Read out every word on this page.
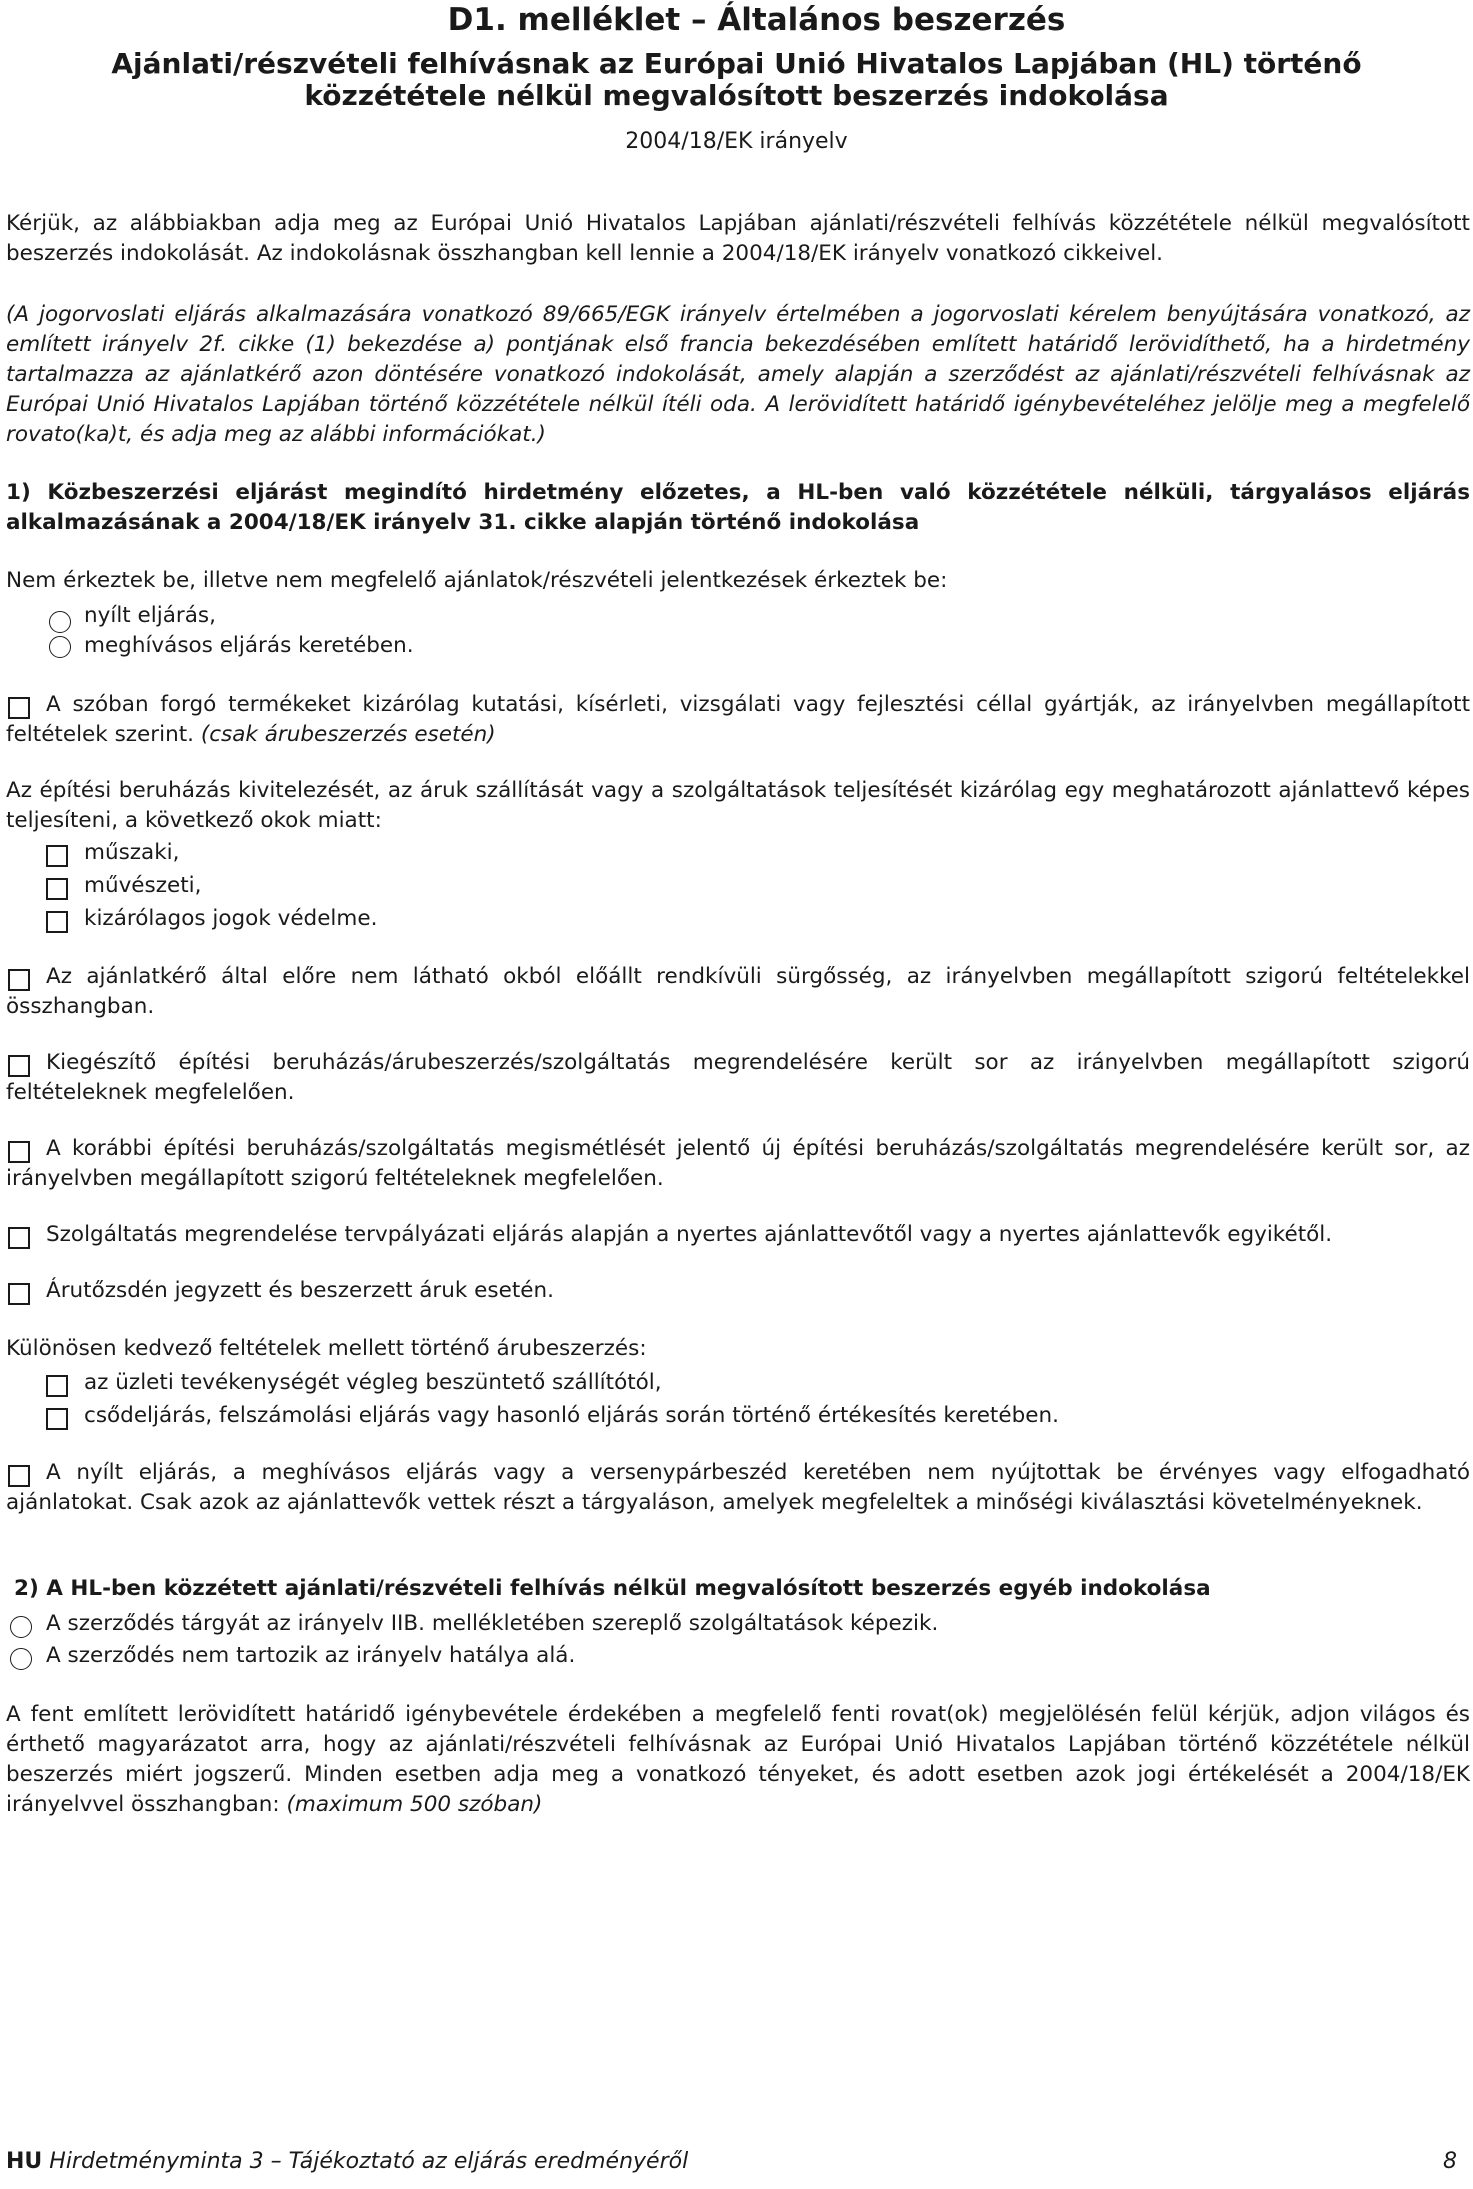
D1. melléklet – Általános beszerzés
Ajánlati/részvételi felhívásnak az Európai Unió Hivatalos Lapjában (HL) történő közzététele nélkül megvalósított beszerzés indokolása
2004/18/EK irányelv
Kérjük, az alábbiakban adja meg az Európai Unió Hivatalos Lapjában ajánlati/részvételi felhívás közzététele nélkül megvalósított beszerzés indokolását. Az indokolásnak összhangban kell lennie a 2004/18/EK irányelv vonatkozó cikkeivel.
(A jogorvoslati eljárás alkalmazására vonatkozó 89/665/EGK irányelv értelmében a jogorvoslati kérelem benyújtására vonatkozó, az említett irányelv 2f. cikke (1) bekezdése a) pontjának első francia bekezdésében említett határidő lerövidíthető, ha a hirdetmény tartalmazza az ajánlatkérő azon döntésére vonatkozó indokolását, amely alapján a szerződést az ajánlati/részvételi felhívásnak az Európai Unió Hivatalos Lapjában történő közzététele nélkül ítéli oda. A lerövidített határidő igénybevételéhez jelölje meg a megfelelő rovato(ka)t, és adja meg az alábbi információkat.)
1) Közbeszerzési eljárást megindító hirdetmény előzetes, a HL-ben való közzététele nélküli, tárgyalásos eljárás alkalmazásának a 2004/18/EK irányelv 31. cikke alapján történő indokolása
Nem érkeztek be, illetve nem megfelelő ajánlatok/részvételi jelentkezések érkeztek be:
nyílt eljárás,
meghívásos eljárás keretében.
A szóban forgó termékeket kizárólag kutatási, kísérleti, vizsgálati vagy fejlesztési céllal gyártják, az irányelvben megállapított feltételek szerint. (csak árubeszerzés esetén)
Az építési beruházás kivitelezését, az áruk szállítását vagy a szolgáltatások teljesítését kizárólag egy meghatározott ajánlattevő képes teljesíteni, a következő okok miatt:
műszaki,
művészeti,
kizárólagos jogok védelme.
Az ajánlatkérő által előre nem látható okból előállt rendkívüli sürgősség, az irányelvben megállapított szigorú feltételekkel összhangban.
Kiegészítő építési beruházás/árubeszerzés/szolgáltatás megrendelésére került sor az irányelvben megállapított szigorú feltételeknek megfelelően.
A korábbi építési beruházás/szolgáltatás megismétlését jelentő új építési beruházás/szolgáltatás megrendelésére került sor, az irányelvben megállapított szigorú feltételeknek megfelelően.
Szolgáltatás megrendelése tervpályázati eljárás alapján a nyertes ajánlattevőtől vagy a nyertes ajánlattevők egyikétől.
Árutőzsdén jegyzett és beszerzett áruk esetén.
Különösen kedvező feltételek mellett történő árubeszerzés:
az üzleti tevékenységét végleg beszüntető szállítótól,
csődeljárás, felszámolási eljárás vagy hasonló eljárás során történő értékesítés keretében.
A nyílt eljárás, a meghívásos eljárás vagy a versenypárbeszéd keretében nem nyújtottak be érvényes vagy elfogadható ajánlatokat. Csak azok az ajánlattevők vettek részt a tárgyaláson, amelyek megfeleltek a minőségi kiválasztási követelményeknek.
2) A HL-ben közzétett ajánlati/részvételi felhívás nélkül megvalósított beszerzés egyéb indokolása
A szerződés tárgyát az irányelv IIB. mellékletében szereplő szolgáltatások képezik.
A szerződés nem tartozik az irányelv hatálya alá.
A fent említett lerövidített határidő igénybevétele érdekében a megfelelő fenti rovat(ok) megjelölésén felül kérjük, adjon világos és érthető magyarázatot arra, hogy az ajánlati/részvételi felhívásnak az Európai Unió Hivatalos Lapjában történő közzététele nélkül beszerzés miért jogszerű. Minden esetben adja meg a vonatkozó tényeket, és adott esetben azok jogi értékelését a 2004/18/EK irányelvvel összhangban: (maximum 500 szóban)
HU Hirdetményminta 3 – Tájékoztató az eljárás eredményéről	8
